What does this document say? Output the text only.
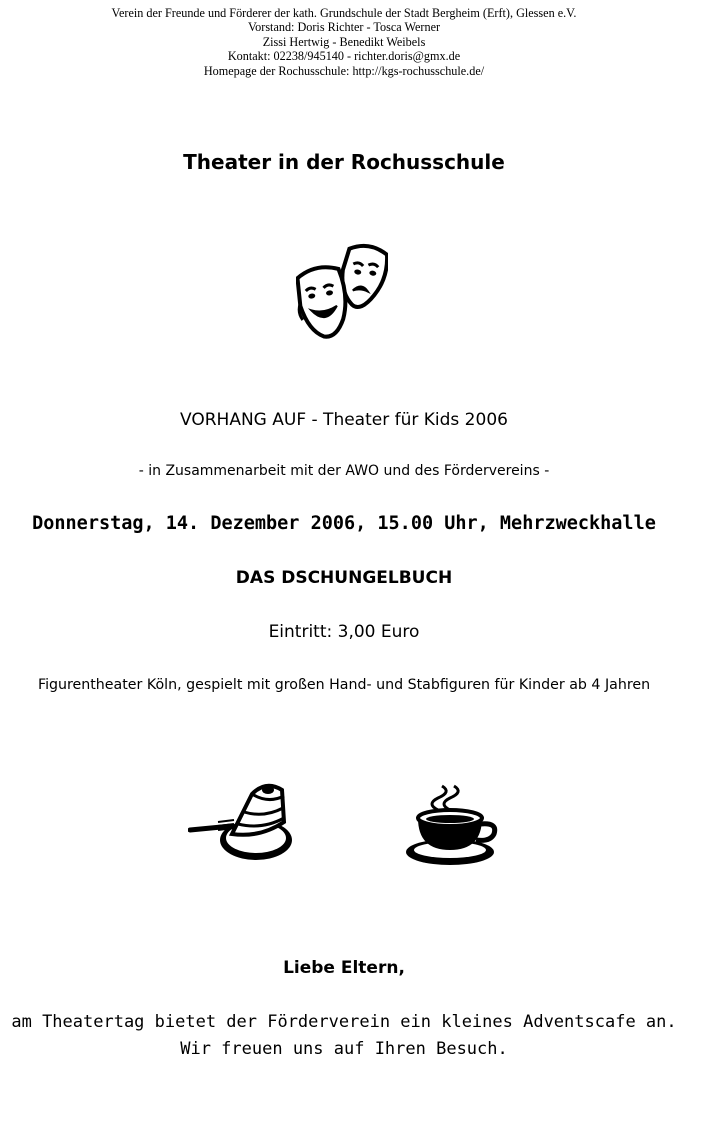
Verein der Freunde und Förderer der kath. Grundschule der Stadt Bergheim (Erft), Glessen e.V.
Vorstand: Doris Richter - Tosca Werner
Zissi Hertwig - Benedikt Weibels
Kontakt: 02238/945140 - richter.doris@gmx.de
Homepage der Rochusschule: http://kgs-rochusschule.de/
Theater in der Rochusschule
VORHANG AUF - Theater für Kids 2006
- in Zusammenarbeit mit der AWO und des Fördervereins -
Donnerstag, 14. Dezember 2006, 15.00 Uhr, Mehrzweckhalle
DAS DSCHUNGELBUCH
Eintritt: 3,00 Euro
Figurentheater Köln, gespielt mit großen Hand- und Stabfiguren für Kinder ab 4 Jahren
Liebe Eltern,
am Theatertag bietet der Förderverein ein kleines Adventscafe an.
Wir freuen uns auf Ihren Besuch.
